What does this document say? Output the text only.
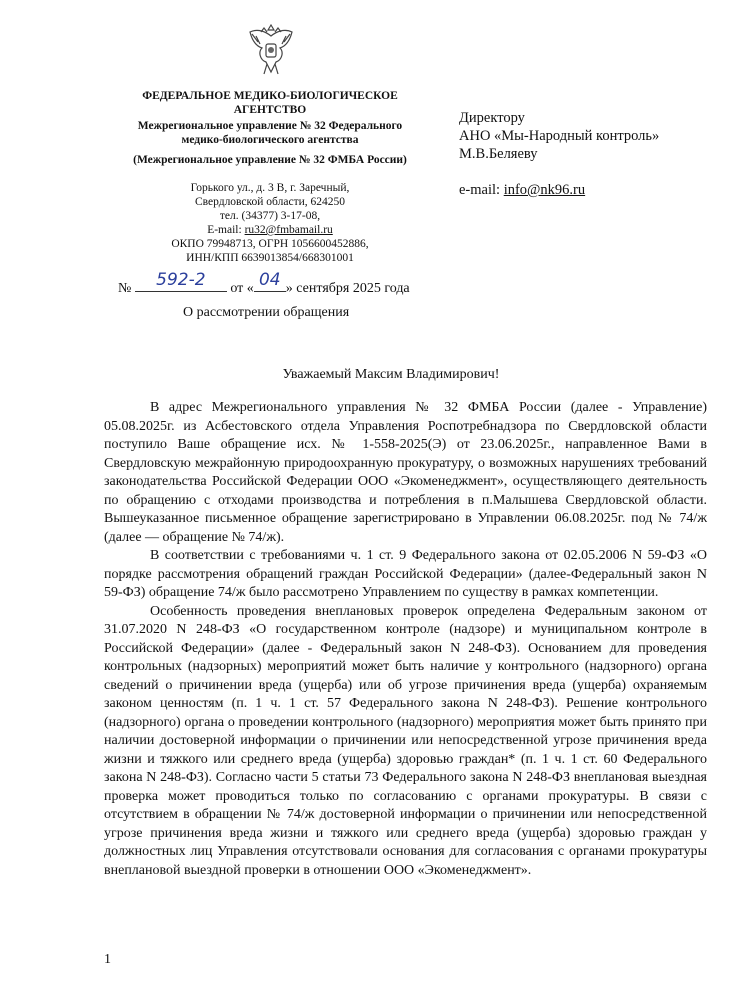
ФЕДЕРАЛЬНОЕ МЕДИКО-БИОЛОГИЧЕСКОЕ
АГЕНТСТВО
Межрегиональное управление № 32 Федерального
медико-биологического агентства
(Межрегиональное управление № 32 ФМБА России)
Горького ул., д. 3 В, г. Заречный,
Свердловской области, 624250
тел. (34377) 3-17-08,
E-mail: ru32@fmbamail.ru
ОКПО 79948713, ОГРН 1056600452886,
ИНН/КПП 6639013854/668301001
Директору
АНО «Мы-Народный контроль»
М.В.Беляеву
e-mail: info@nk96.ru
№	592-2	от « 04 » сентября 2025 года
О рассмотрении обращения
Уважаемый Максим Владимирович!

В адрес Межрегионального управления № 32 ФМБА России (далее - Управление) 05.08.2025г. из Асбестовского отдела Управления Роспотребнадзора по Свердловской области поступило Ваше обращение исх. № 1-558-2025(Э) от 23.06.2025г., направленное Вами в Свердловскую межрайонную природоохранную прокуратуру, о возможных нарушениях требований законодательства Российской Федерации ООО «Экоменеджмент», осуществляющего деятельность по обращению с отходами производства и потребления в п.Малышева Свердловской области. Вышеуказанное письменное обращение зарегистрировано в Управлении 06.08.2025г. под № 74/ж (далее — обращение № 74/ж).

В соответствии с требованиями ч. 1 ст. 9 Федерального закона от 02.05.2006 N 59-ФЗ «О порядке рассмотрения обращений граждан Российской Федерации» (далее-Федеральный закон N 59-ФЗ) обращение 74/ж было рассмотрено Управлением по существу в рамках компетенции.

Особенность проведения внеплановых проверок определена Федеральным законом от 31.07.2020 N 248-ФЗ «О государственном контроле (надзоре) и муниципальном контроле в Российской Федерации» (далее - Федеральный закон N 248-ФЗ). Основанием для проведения контрольных (надзорных) мероприятий может быть наличие у контрольного (надзорного) органа сведений о причинении вреда (ущерба) или об угрозе причинения вреда (ущерба) охраняемым законом ценностям (п. 1 ч. 1 ст. 57 Федерального закона N 248-ФЗ). Решение контрольного (надзорного) органа о проведении контрольного (надзорного) мероприятия может быть принято при наличии достоверной информации о причинении или непосредственной угрозе причинения вреда жизни и тяжкого или среднего вреда (ущерба) здоровью граждан* (п. 1 ч. 1 ст. 60 Федерального закона N 248-ФЗ). Согласно части 5 статьи 73 Федерального закона N 248-ФЗ внеплановая выездная проверка может проводиться только по согласованию с органами прокуратуры. В связи с отсутствием в обращении № 74/ж достоверной информации о причинении или непосредственной угрозе причинения вреда жизни и тяжкого или среднего вреда (ущерба) здоровью граждан у должностных лиц Управления отсутствовали основания для согласования с органами прокуратуры внеплановой выездной проверки в отношении ООО «Экоменеджмент».

1
